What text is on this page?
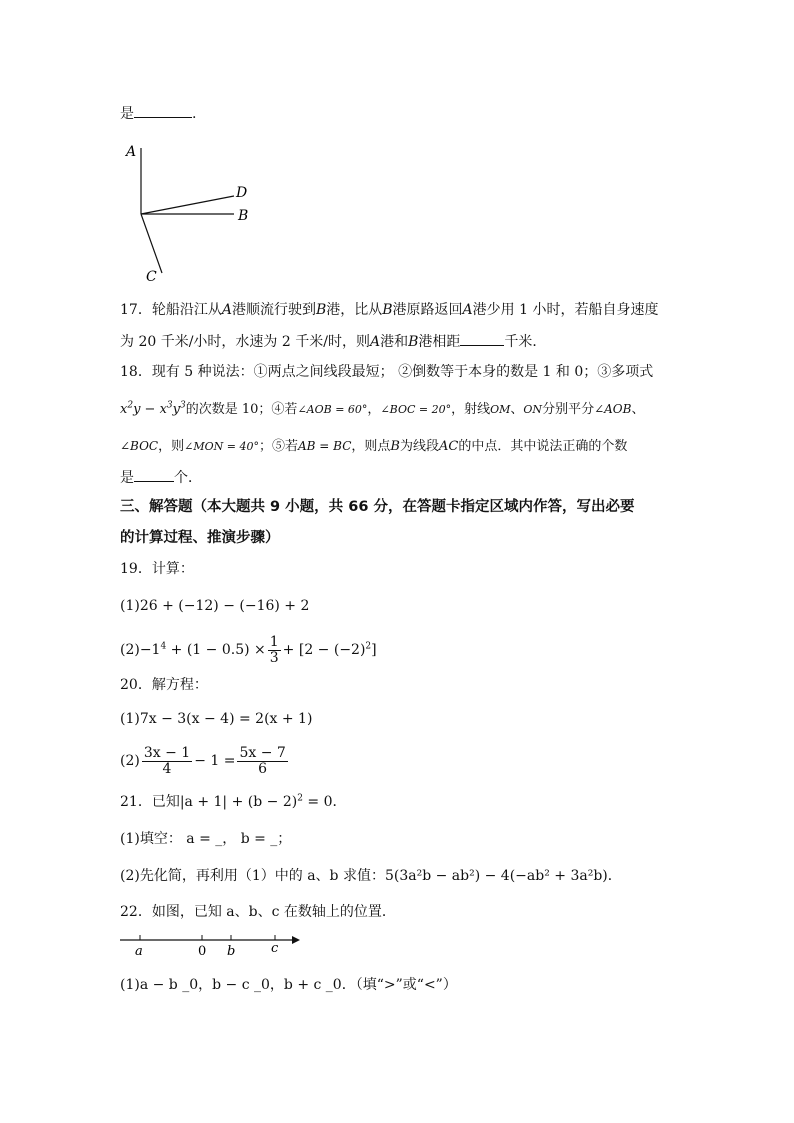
是	.
A
D
B
C
17．轮船沿江从A港顺流行驶到B港，比从B港原路返回A港少用 1 小时，若船自身速度
为 20 千米/小时，水速为 2 千米/时，则A港和B港相距	千米．
18．现有 5 种说法：①两点之间线段最短； ②倒数等于本身的数是 1 和 0；③多项式
$x^2y - x^3y^3$的次数是 10；④若∠AOB = 60°，∠BOC = 20°，射线OM、ON分别平分∠AOB、
∠BOC，则∠MON = 40°；⑤若AB = BC，则点B为线段AC的中点．其中说法正确的个数
是	个．
三、解答题（本大题共 9 小题，共 66 分，在答题卡指定区域内作答，写出必要
的计算过程、推演步骤）
19．计算：
(1)26 + (−12) − (−16) + 2
$(2)-1^4 + (1 - 0.5) \times \frac{1}{3} + [2 - (-2)^2]$
20．解方程：
(1)7x − 3(x − 4) = 2(x + 1)
$(2) \frac{3x - 1}{4} - 1 = \frac{5x - 7}{6}$
21．已知$|a + 1| + (b - 2)^2 = 0$．
(1)填空： a = _， b = _；
(2)先化简，再利用（1）中的 a、b 求值：5(3a²b − ab²) − 4(−ab² + 3a²b)．
22．如图，已知 a、b、c 在数轴上的位置．
a	0 b	c
(1)a − b _0，b − c _0，b + c _0．（填“>”或“<”）
